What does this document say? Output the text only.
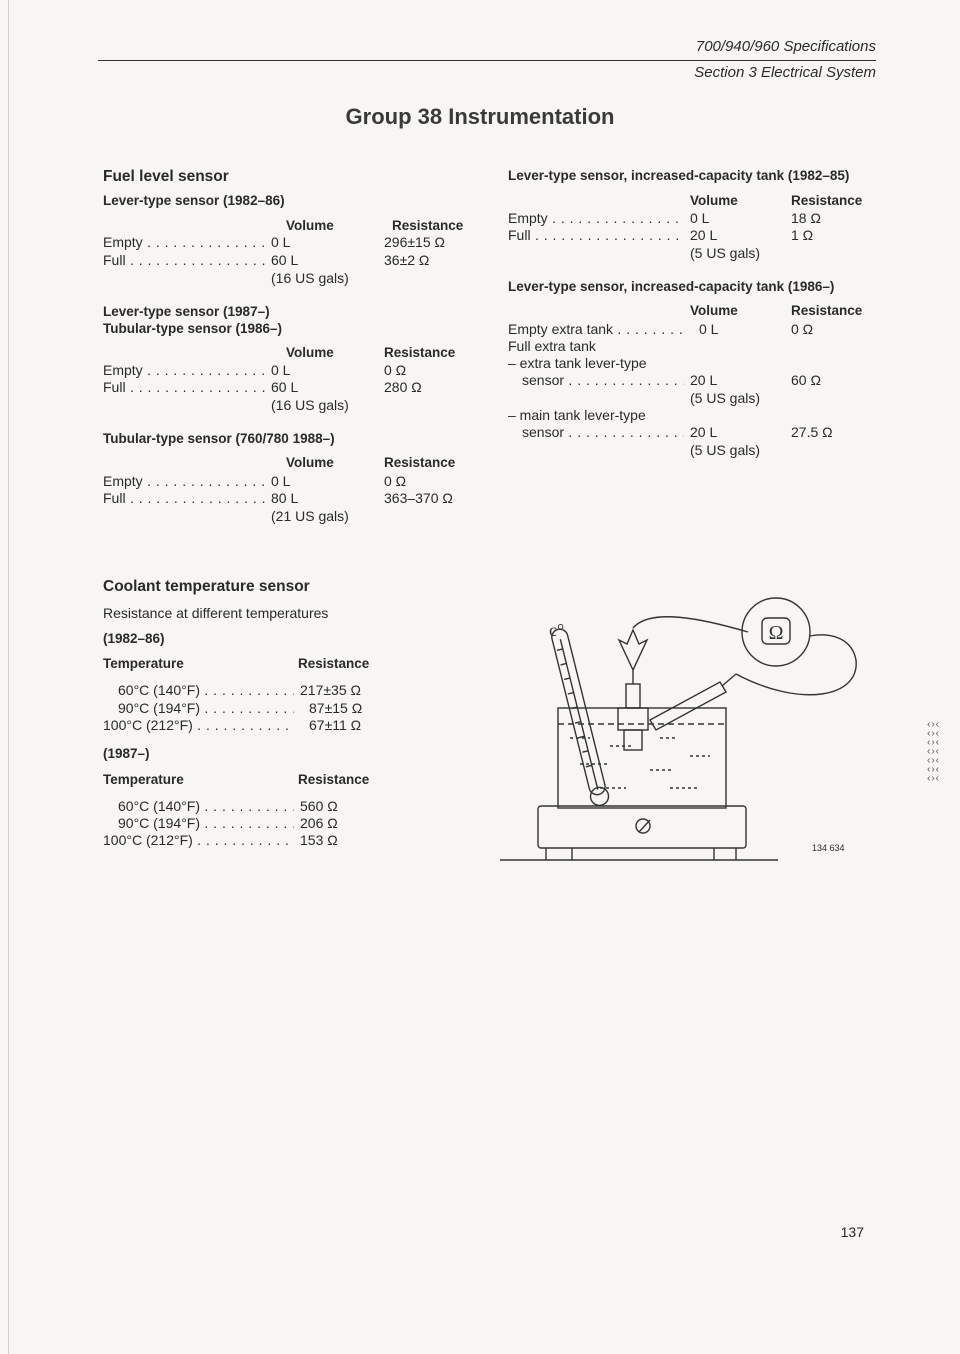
700/940/960 Specifications
Section 3 Electrical System
Group 38 Instrumentation
Fuel level sensor
Lever-type sensor (1982–86)
Volume	Resistance
Empty . . .	0 L	296±15 Ω
Full . . .	60 L	36±2 Ω
(16 US gals)
Lever-type sensor (1987–)
Tubular-type sensor (1986–)
Volume	Resistance
Empty . . .	0 L	0 Ω
Full . . .	60 L	280 Ω
(16 US gals)
Tubular-type sensor (760/780 1988–)
Volume	Resistance
Empty . . .	0 L	0 Ω
Full . . .	80 L	363–370 Ω
(21 US gals)
Lever-type sensor, increased-capacity tank (1982–85)
Volume	Resistance
Empty . . .	0 L	18 Ω
Full . . .	20 L	1 Ω
(5 US gals)
Lever-type sensor, increased-capacity tank (1986–)
Volume	Resistance
Empty extra tank . . .	0 L	0 Ω
Full extra tank
– extra tank lever-type
sensor . . .	20 L	60 Ω
(5 US gals)
– main tank lever-type
sensor . . .	20 L	27.5 Ω
(5 US gals)
Coolant temperature sensor
Resistance at different temperatures
(1982–86)
Temperature	Resistance
60°C (140°F) . . .	217±35 Ω
90°C (194°F) . . .	87±15 Ω
100°C (212°F) . . .	67±11 Ω
(1987–)
Temperature	Resistance
60°C (140°F) . . .	560 Ω
90°C (194°F) . . .	206 Ω
100°C (212°F) . . .	153 Ω
c°	Ω
134 634
‹›‹
‹›‹
‹›‹
‹›‹
‹›‹
‹›‹
‹›‹
137
